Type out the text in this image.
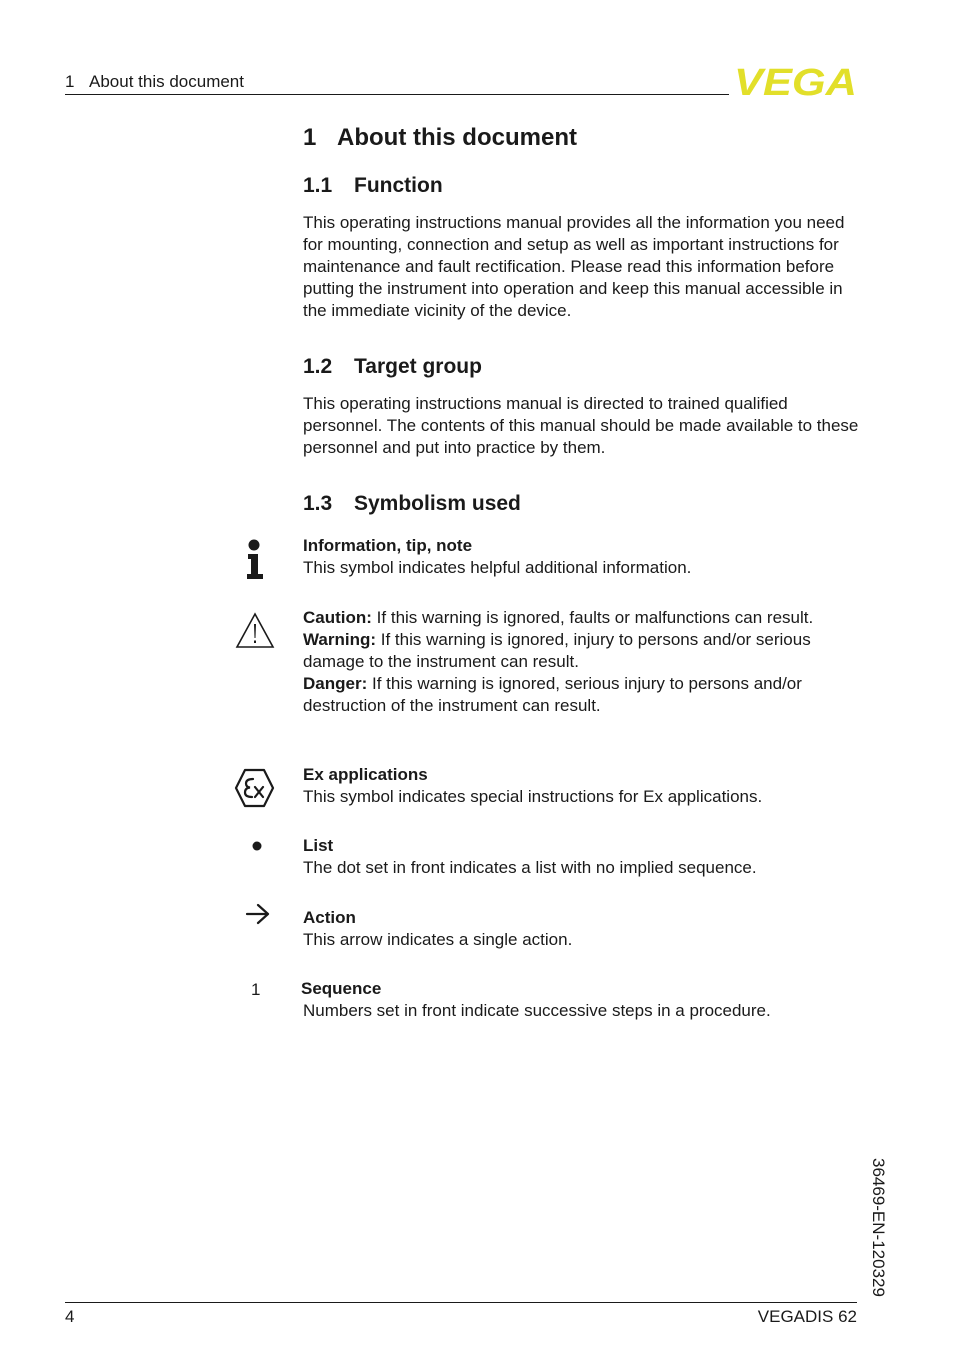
1 About this document	VEGA
1 About this document
1.1 Function

This operating instructions manual provides all the information you need for mounting, connection and setup as well as important instructions for maintenance and fault rectification. Please read this information before putting the instrument into operation and keep this manual accessible in the immediate vicinity of the device.

1.2 Target group

This operating instructions manual is directed to trained qualified personnel. The contents of this manual should be made available to these personnel and put into practice by them.

1.3 Symbolism used
Information, tip, note
This symbol indicates helpful additional information.
Caution: If this warning is ignored, faults or malfunctions can result.
Warning: If this warning is ignored, injury to persons and/or serious damage to the instrument can result.
Danger: If this warning is ignored, serious injury to persons and/or destruction of the instrument can result.
Ex applications
This symbol indicates special instructions for Ex applications.
List
The dot set in front indicates a list with no implied sequence.
Action
This arrow indicates a single action.
1 Sequence
Numbers set in front indicate successive steps in a procedure.
36469-EN-120329
4	VEGADIS 62
